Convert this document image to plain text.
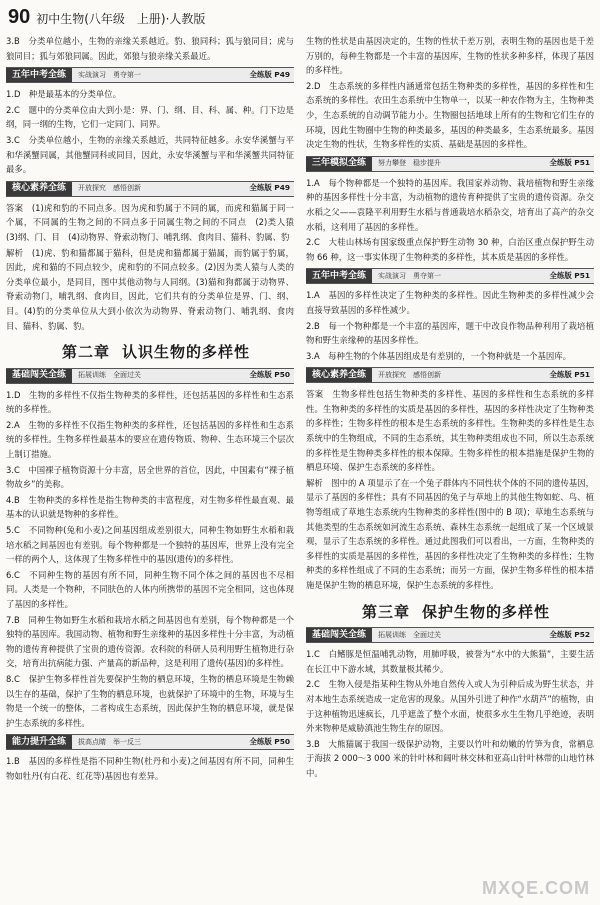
90 初中生物(八年级　上册)·人教版

3.B　分类单位越小，生物的亲缘关系越近。豹、狼同科；狐与狼同目；虎与狼同目；狐与郊狼同属。因此，郊狼与狼亲缘关系最近。

五年中考全练	实战演习　勇夺第一	全练版 P49

1.D　种是最基本的分类单位。

2.C　题中的分类单位由大到小是：界、门、纲、目、科、属、种。门下边是纲，同一纲的生物，它们一定同门、同界。

3.C　分类单位越小，生物的亲缘关系越近，共同特征越多。永安华溪蟹与平和华溪蟹同属，其他蟹同科或同目，因此，永安华溪蟹与平和华溪蟹共同特征最多。

核心素养全练	开放探究　感悟创新	全练版 P49

答案　(1)虎和豹的不同点多。因为虎和豹属于不同的属，而虎和猫属于同一个属，不同属的生物之间的不同点多于同属生物之间的不同点　(2)类人猿　(3)纲、门、目　(4)动物界、脊索动物门、哺乳纲、食肉目、猫科、豹属、豹

解析　(1)虎、豹和猫都属于猫科，但是虎和猫都属于猫属，而豹属于豹属，因此，虎和猫的不同点较少，虎和豹的不同点较多。(2)因为类人猿与人类的分类单位最小，是同目，图中其他动物与人同纲。(3)猫和狗都属于动物界、脊索动物门，哺乳纲、食肉目，因此，它们共有的分类单位是界、门、纲、目。(4)豹的分类单位从大到小依次为动物界、脊索动物门、哺乳纲、食肉目、猫科、豹属、豹。

第二章 认识生物的多样性
基础闯关全练	拓展训练　全面过关	全练版 P50

1.D　生物的多样性不仅指生物种类的多样性，还包括基因的多样性和生态系统的多样性。

2.A　生物的多样性不仅指生物种类的多样性，还包括基因的多样性和生态系统的多样性。生物多样性最基本的要应在遗传物质、物种、生态环境三个层次上制订措施。

3.C　中国裸子植物资源十分丰富，居全世界的首位，因此，中国素有“裸子植物故乡”的美称。

4.B　生物种类的多样性是指生物种类的丰富程度，对生物多样性最直观、最基本的认识就是物种的多样性。

5.C　不同物种(兔和小麦)之间基因组成差别很大，同种生物如野生水稻和栽培水稻之间基因也有差别。每个物种都是一个独特的基因库，世界上没有完全一样的两个人，这体现了生物多样性中的基因(遗传)的多样性。

6.C　不同种生物的基因有所不同，同种生物不同个体之间的基因也不尽相同。人类是一个物种，不同肤色的人体内所携带的基因不完全相同，这也体现了基因的多样性。

7.B　同种生物如野生水稻和栽培水稻之间基因也有差别，每个物种都是一个独特的基因库。我国动物、植物和野生亲缘种的基因多样性十分丰富，为动植物的遗传育种提供了宝贵的遗传资源。农科院的科研人员利用野生植物进行杂交，培育出抗病能力强、产量高的新品种，这是利用了遗传(基因)的多样性。

8.C　保护生物多样性首先要保护生物的栖息环境，生物的栖息环境是生物赖以生存的基础，保护了生物的栖息环境，也就保护了环境中的生物，环境与生物是一个统一的整体，二者构成生态系统，因此保护生物的栖息环境，就是保护生态系统的多样性。

能力提升全练	拔高点睛　举一反三	全练版 P50

1.B　基因的多样性是指不同种生物(杜丹和小麦)之间基因有所不同，同种生物如牡丹(有白花、红花等)基因也有差异。

生物的性状是由基因决定的，生物的性状千差万别，表明生物的基因也是千差万别的，每种生物都是一个丰富的基因库，生物的性状多种多样，体现了基因的多样性。

2.D　生态系统的多样性内涵通常包括生物种类的多样性，基因的多样性和生态系统的多样性。农田生态系统中生物单一，以某一种农作物为主，生物种类少，生态系统的自动调节能力小。生物圈包括地球上所有的生物和它们生存的环境，因此生物圈中生物的种类最多，基因的种类最多，生态系统最多。基因决定生物的性状，生物多样性的实质、基础是基因的多样性。

三年模拟全练	努力攀登　稳步提升	全练版 P51

1.A　每个物种都是一个独特的基因库。我国家养动物、栽培植物和野生亲缘种的基因多样性十分丰富，为动植物的遗传育种提供了宝贵的遗传资源。杂交水稻之父——袁隆平利用野生水稻与普通栽培水稻杂交，培育出了高产的杂交水稻，这利用了基因的多样性。

2.C　大桂山林场有国家级重点保护野生动物 30 种，白治区重点保护野生动物 66 种，这一事实体现了生物种类的多样性，其本质是基因的多样性。

五年中考全练	实战演习　勇夺第一	全练版 P51

1.A　基因的多样性决定了生物种类的多样性。因此生物种类的多样性减少会直接导致基因的多样性减少。

2.B　每一个物种都是一个丰富的基因库，题干中改良作物品种利用了栽培植物和野生亲缘种的基因多样性。

3.A　每种生物的个体基因组成是有差别的，一个物种就是一个基因库。

核心素养全练	开放探究　感悟创新	全练版 P51

答案　生物多样性包括生物种类的多样性、基因的多样性和生态系统的多样性。生物种类的多样性的实质是基因的多样性，基因的多样性决定了生物种类的多样性；生物多样性的根本是生态系统的多样性。生物种类的多样性是生态系统中的生物组成，不同的生态系统，其生物种类组成也不同，所以生态系统的多样性是生物种类多样性的根本保障。生物多样性的根本措施是保护生物的栖息环境、保护生态系统的多样性。

解析　图中的 A 项显示了在一个兔子群体内不同性状个体的不同的遗传基因，显示了基因的多样性；具有不同基因的兔子与草地上的其他生物如蛇、鸟、植物等组成了草地生态系统内生物种类的多样性(图中的 B 项)；草地生态系统与其他类型的生态系统如河流生态系统、森林生态系统一起组成了某一个区域景观，显示了生态系统的多样性。通过此图我们可以看出，一方面，生物种类的多样性的实质是基因的多样性，基因的多样性决定了生物种类的多样性；生物种类的多样性组成了不同的生态系统；而另一方面，保护生物多样性的根本措施是保护生物的栖息环境，保护生态系统的多样性。

第三章 保护生物的多样性
基础闯关全练	拓展训练　全面过关	全练版 P52

1.C　白鳍豚是恒温哺乳动物，用肺呼吸，被誉为“水中的大熊猫”，主要生活在长江中下游水域，其数量极其稀少。

2.C　生物入侵是指某种生物从外地自然传入或人为引种后成为野生状态，并对本地生态系统造成一定危害的现象。从国外引进了种作“水葫芦”的植物，由于这种植物迅速疯长，几乎遮盖了整个水面，使很多水生生物几乎绝迹，表明外来物种是威胁滇池生物生存的原因。

3.B　大熊猫属于我国一级保护动物，主要以竹叶和幼嫩的竹笋为食，常栖息于海拔 2 000～3 000 米的针叶林和阔叶林交林和亚高山针叶林带的山地竹林中。

MXQE.COM
